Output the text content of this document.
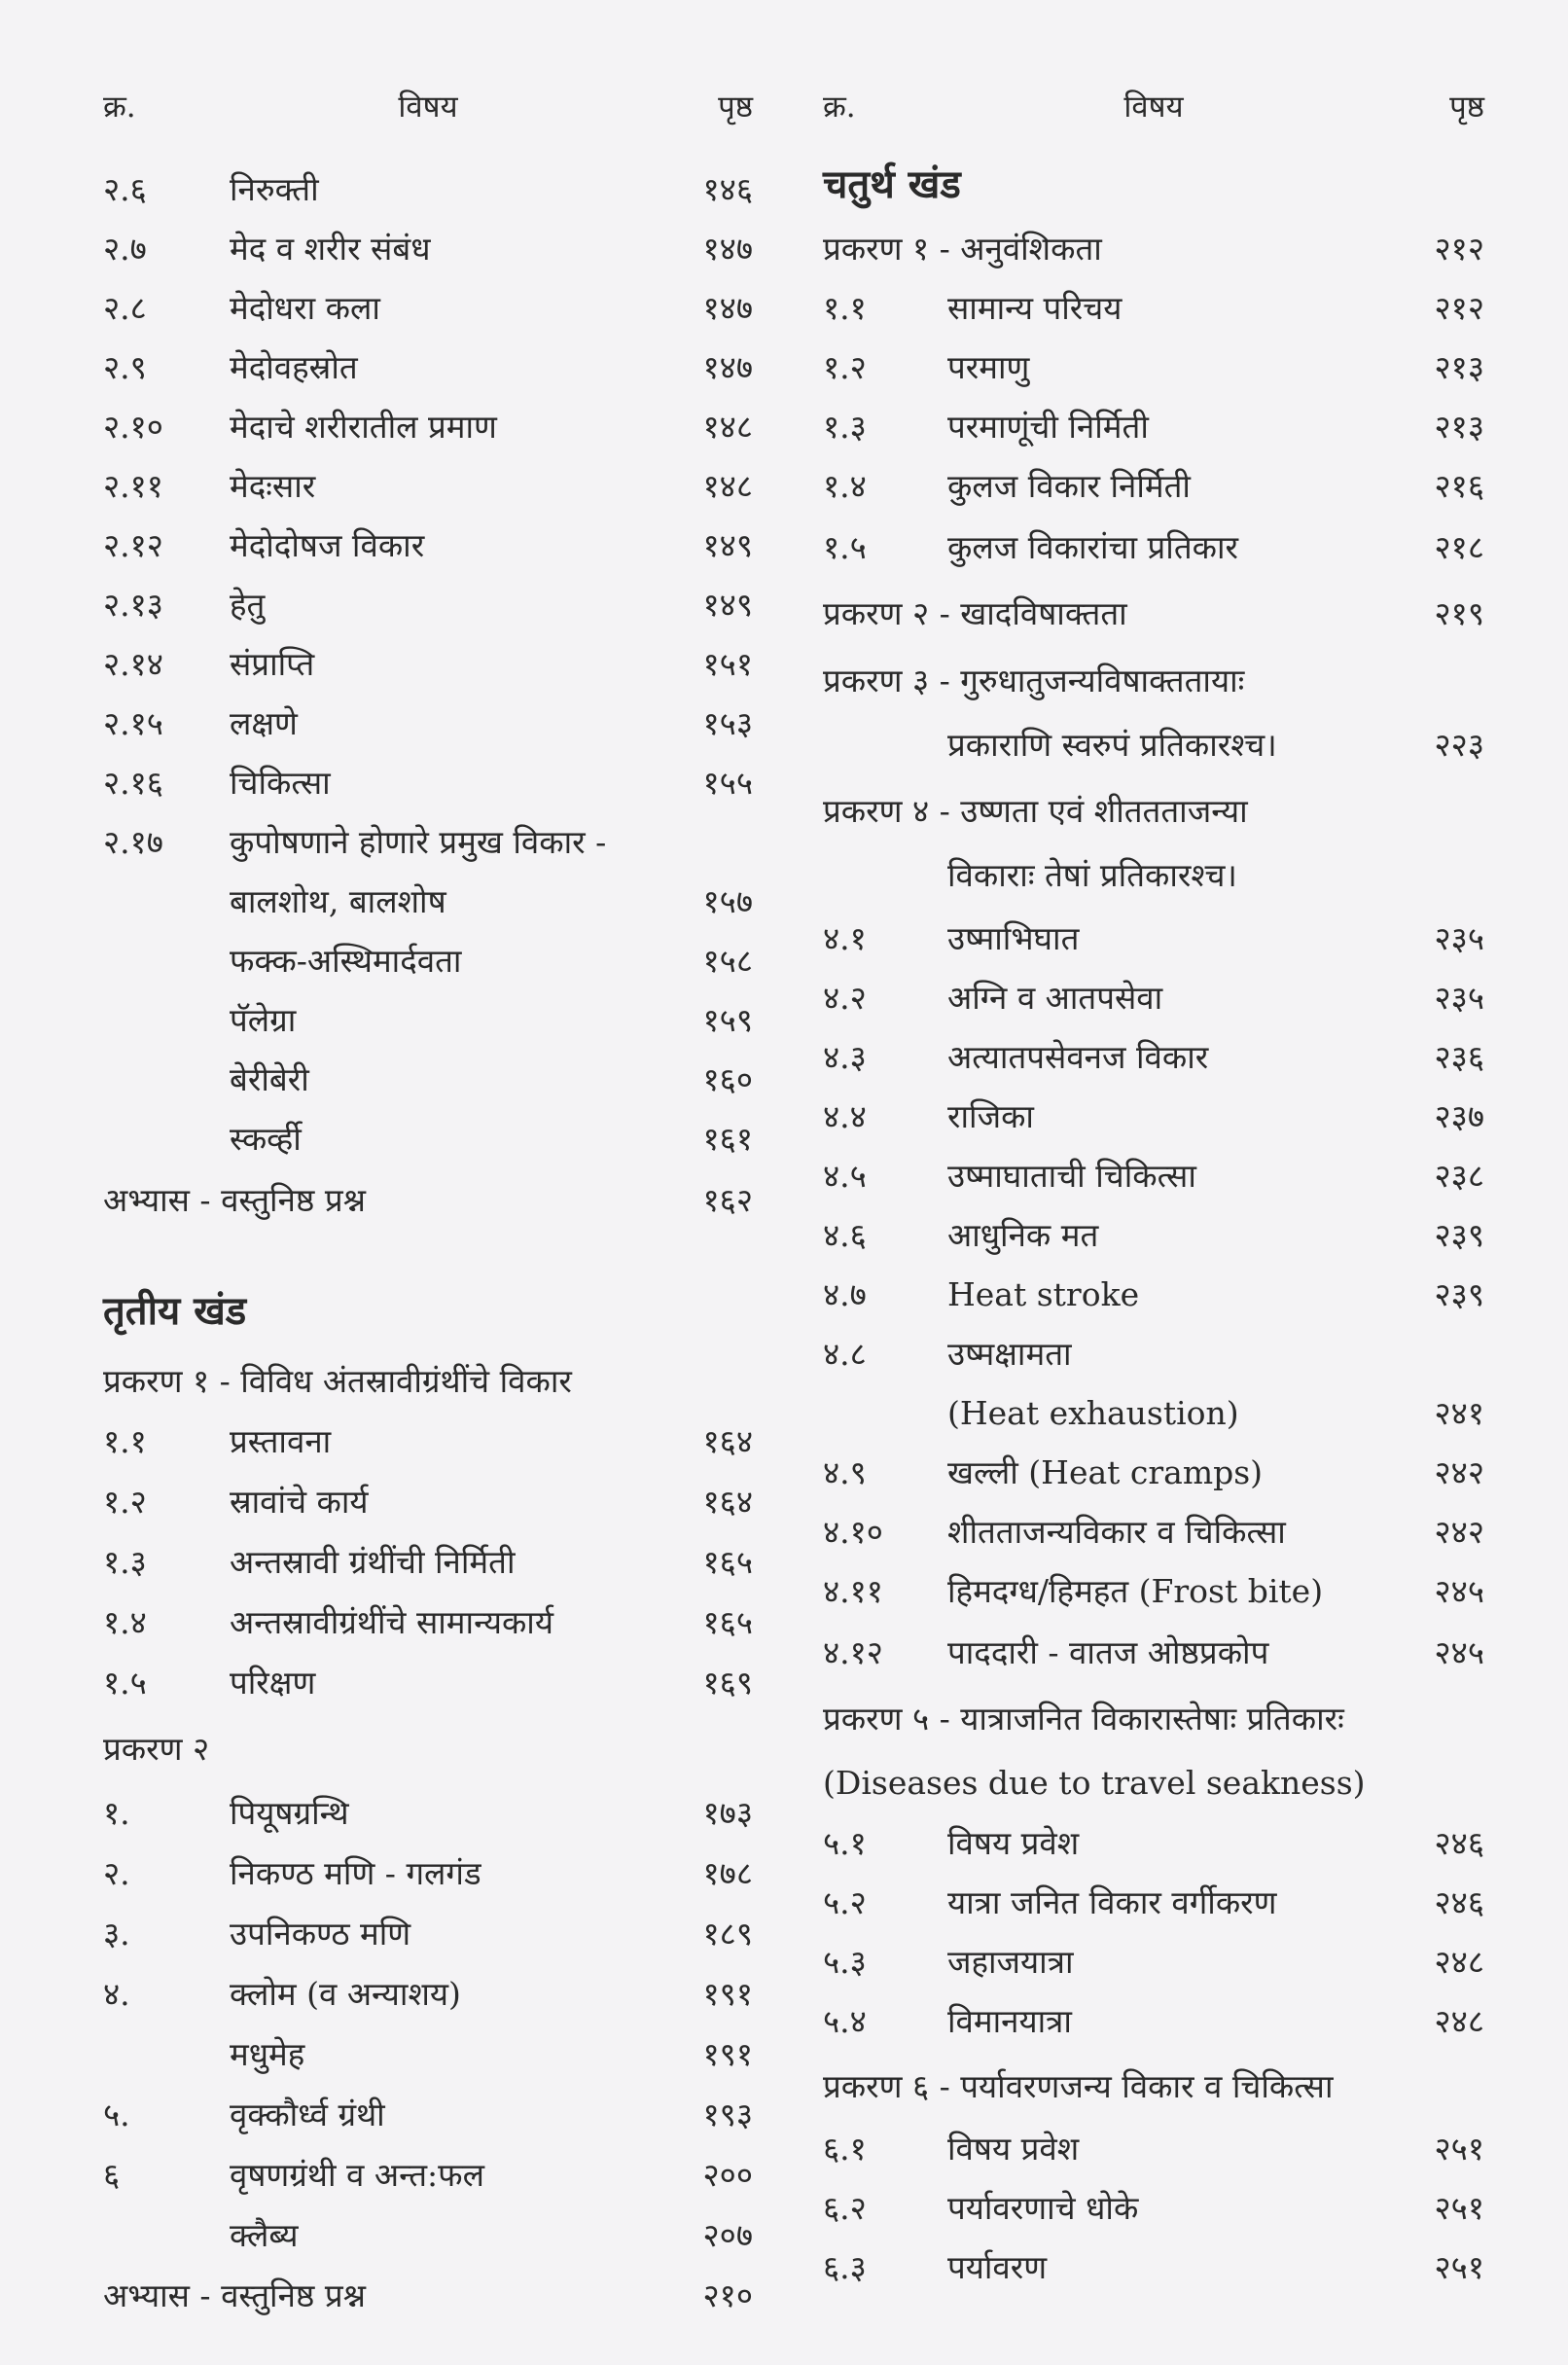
क्र.	विषय	पृष्ठ
२.६	निरुक्ती	१४६
२.७	मेद व शरीर संबंध	१४७
२.८	मेदोधरा कला	१४७
२.९	मेदोवहस्रोत	१४७
२.१० मेदाचे शरीरातील प्रमाण	१४८
२.११ मेदःसार	१४८
२.१२ मेदोदोषज विकार	१४९
२.१३ हेतु	१४९
२.१४ संप्राप्ति	१५१
२.१५ लक्षणे	१५३
२.१६ चिकित्सा	१५५
२.१७ कुपोषणाने होणारे प्रमुख विकार -
बालशोथ, बालशोष	१५७
फक्क-अस्थिमार्दवता	१५८
पॅलेग्रा	१५९
बेरीबेरी	१६०
स्कर्व्ही	१६१
अभ्यास - वस्तुनिष्ठ प्रश्न	१६२
तृतीय खंड
प्रकरण १ - विविध अंतस्रावीग्रंथींचे विकार
१.१	प्रस्तावना	१६४
१.२	स्रावांचे कार्य	१६४
१.३	अन्तस्रावी ग्रंथींची निर्मिती	१६५
१.४	अन्तस्रावीग्रंथींचे सामान्यकार्य	१६५
१.५	परिक्षण	१६९
प्रकरण २
१.	पियूषग्रन्थि	१७३
२.	निकण्ठ मणि - गलगंड	१७८
३.	उपनिकण्ठ मणि	१८९
४.	क्लोम (व अन्याशय)	१९१
मधुमेह	१९१
५.	वृक्कौर्ध्व ग्रंथी	१९३
६	वृषणग्रंथी व अन्त:फल	२००
क्लैब्य	२०७
अभ्यास - वस्तुनिष्ठ प्रश्न	२१०
क्र.	विषय	पृष्ठ
चतुर्थ खंड
प्रकरण १ - अनुवंशिकता	२१२
१.१	सामान्य परिचय	२१२
१.२	परमाणु	२१३
१.३	परमाणूंची निर्मिती	२१३
१.४	कुलज विकार निर्मिती	२१६
१.५	कुलज विकारांचा प्रतिकार	२१८
प्रकरण २ - खादविषाक्तता	२१९
प्रकरण ३ - गुरुधातुजन्यविषाक्ततायाः
प्रकाराणि स्वरुपं प्रतिकारश्च।	२२३
प्रकरण ४ - उष्णता एवं शीततताजन्या
विकाराः तेषां प्रतिकारश्च।
४.१	उष्माभिघात	२३५
४.२	अग्नि व आतपसेवा	२३५
४.३	अत्यातपसेवनज विकार	२३६
४.४	राजिका	२३७
४.५	उष्माघाताची चिकित्सा	२३८
४.६	आधुनिक मत	२३९
४.७	Heat stroke	२३९
४.८	उष्मक्षामता
(Heat exhaustion)	२४१
४.९	खल्ली (Heat cramps)	२४२
४.१० शीतताजन्यविकार व चिकित्सा	२४२
४.११ हिमदग्ध/हिमहत (Frost bite)	२४५
४.१२ पाददारी - वातज ओष्ठप्रकोप	२४५
प्रकरण ५ - यात्राजनित विकारास्तेषाः प्रतिकारः
(Diseases due to travel seakness)
५.१	विषय प्रवेश	२४६
५.२	यात्रा जनित विकार वर्गीकरण	२४६
५.३	जहाजयात्रा	२४८
५.४	विमानयात्रा	२४८
प्रकरण ६ - पर्यावरणजन्य विकार व चिकित्सा
६.१	विषय प्रवेश	२५१
६.२	पर्यावरणाचे धोके	२५१
६.३	पर्यावरण	२५१
